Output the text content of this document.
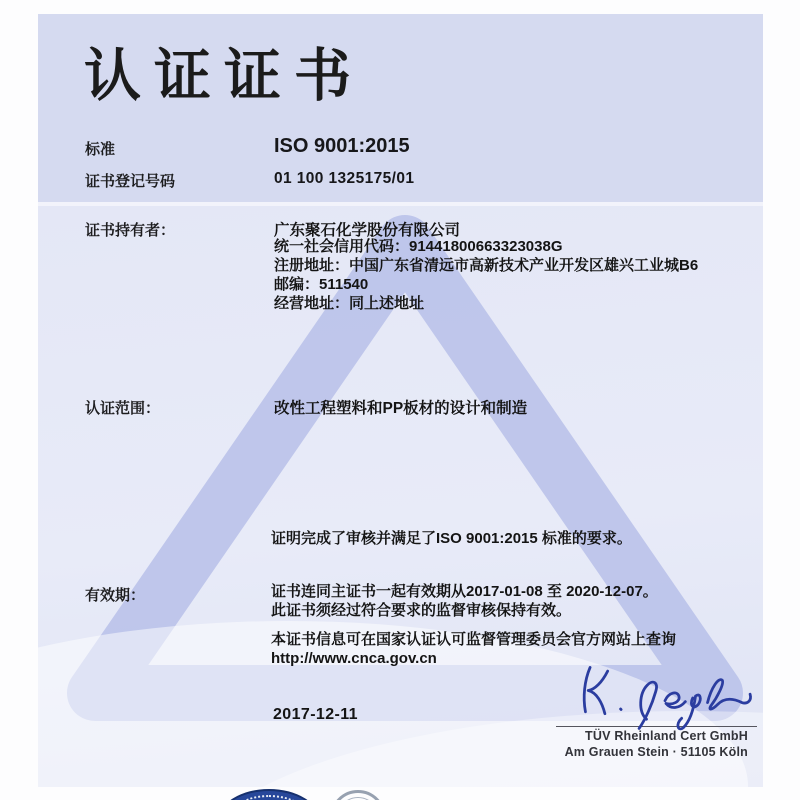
认证证书
标准	ISO 9001:2015
证书登记号码	01 100 1325175/01
证书持有者：	广东聚石化学股份有限公司
统一社会信用代码：91441800663323038G
注册地址：中国广东省清远市高新技术产业开发区雄兴工业城B6
邮编：511540
经营地址：同上述地址
认证范围：	改性工程塑料和PP板材的设计和制造
证明完成了审核并满足了ISO 9001:2015 标准的要求。
有效期：	证书连同主证书一起有效期从2017-01-08 至 2020-12-07。
此证书须经过符合要求的监督审核保持有效。
本证书信息可在国家认证认可监督管理委员会官方网站上查询
http://www.cnca.gov.cn
2017-12-11
TÜV Rheinland Cert GmbH
Am Grauen Stein · 51105 Köln
